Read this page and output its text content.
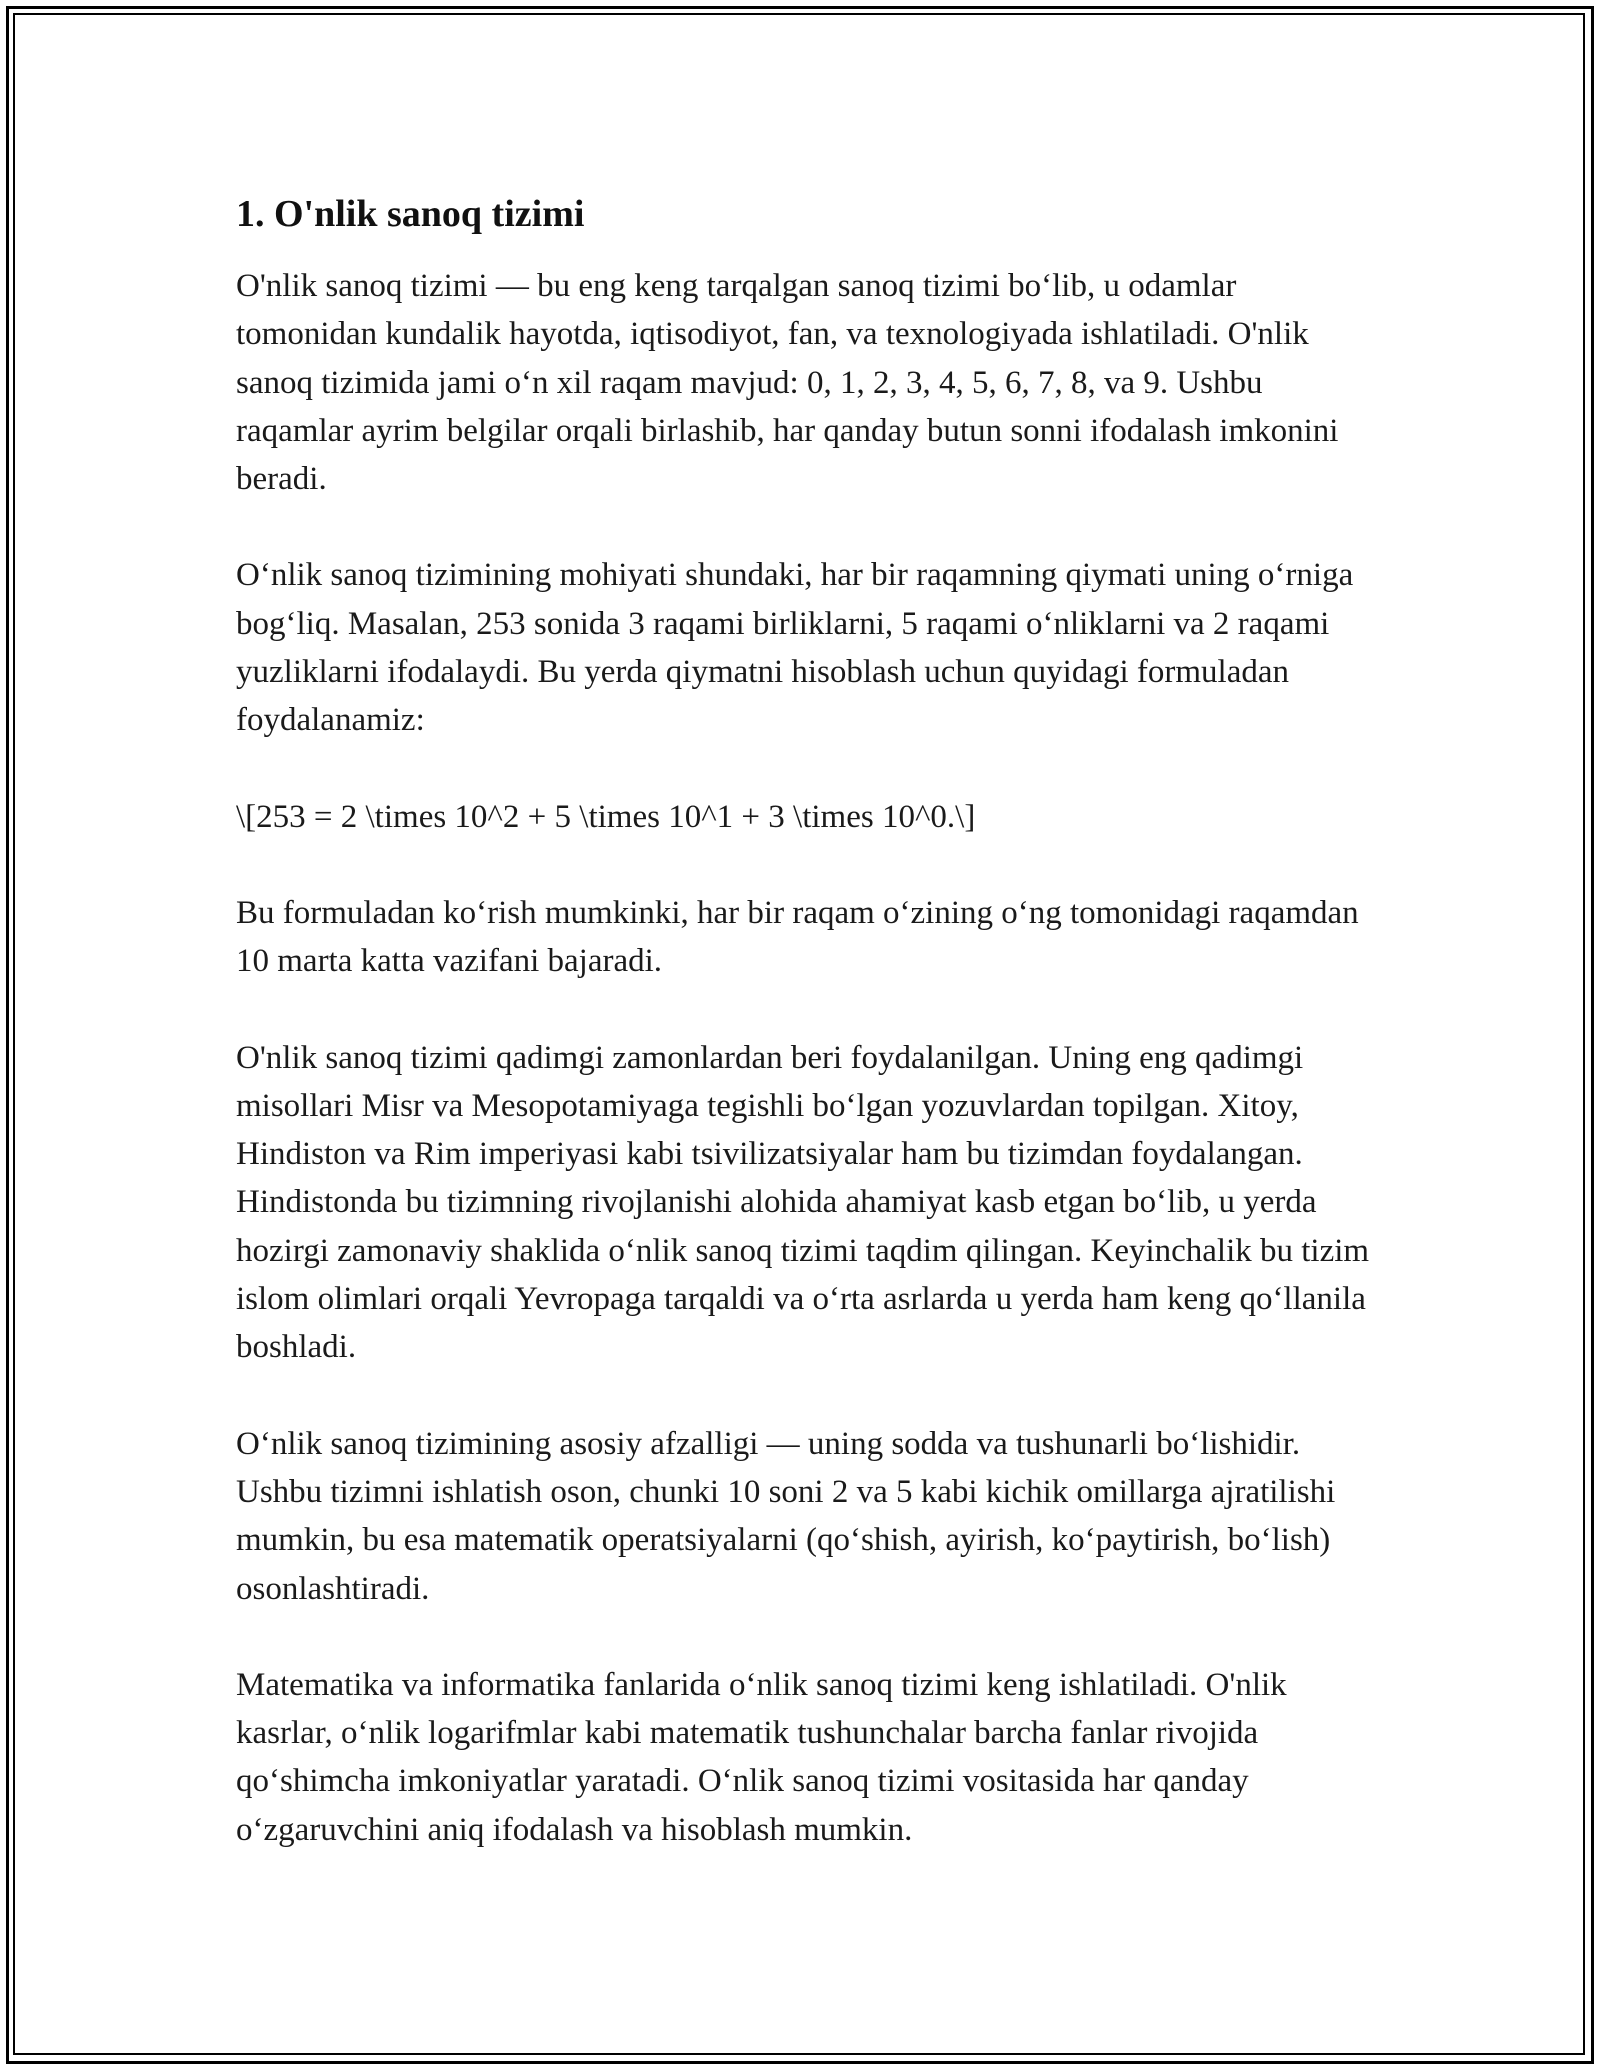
1. O'nlik sanoq tizimi

O'nlik sanoq tizimi — bu eng keng tarqalgan sanoq tizimi bo‘lib, u odamlar tomonidan kundalik hayotda, iqtisodiyot, fan, va texnologiyada ishlatiladi. O'nlik sanoq tizimida jami o‘n xil raqam mavjud: 0, 1, 2, 3, 4, 5, 6, 7, 8, va 9. Ushbu raqamlar ayrim belgilar orqali birlashib, har qanday butun sonni ifodalash imkonini beradi.

O‘nlik sanoq tizimining mohiyati shundaki, har bir raqamning qiymati uning o‘rniga bog‘liq. Masalan, 253 sonida 3 raqami birliklarni, 5 raqami o‘nliklarni va 2 raqami yuzliklarni ifodalaydi. Bu yerda qiymatni hisoblash uchun quyidagi formuladan foydalanamiz:

\[253 = 2 \times 10^2 + 5 \times 10^1 + 3 \times 10^0.\]

Bu formuladan ko‘rish mumkinki, har bir raqam o‘zining o‘ng tomonidagi raqamdan 10 marta katta vazifani bajaradi.

O'nlik sanoq tizimi qadimgi zamonlardan beri foydalanilgan. Uning eng qadimgi misollari Misr va Mesopotamiyaga tegishli bo‘lgan yozuvlardan topilgan. Xitoy, Hindiston va Rim imperiyasi kabi tsivilizatsiyalar ham bu tizimdan foydalangan. Hindistonda bu tizimning rivojlanishi alohida ahamiyat kasb etgan bo‘lib, u yerda hozirgi zamonaviy shaklida o‘nlik sanoq tizimi taqdim qilingan. Keyinchalik bu tizim islom olimlari orqali Yevropaga tarqaldi va o‘rta asrlarda u yerda ham keng qo‘llanila boshladi.

O‘nlik sanoq tizimining asosiy afzalligi — uning sodda va tushunarli bo‘lishidir. Ushbu tizimni ishlatish oson, chunki 10 soni 2 va 5 kabi kichik omillarga ajratilishi mumkin, bu esa matematik operatsiyalarni (qo‘shish, ayirish, ko‘paytirish, bo‘lish) osonlashtiradi.

Matematika va informatika fanlarida o‘nlik sanoq tizimi keng ishlatiladi. O'nlik kasrlar, o‘nlik logarifmlar kabi matematik tushunchalar barcha fanlar rivojida qo‘shimcha imkoniyatlar yaratadi. O‘nlik sanoq tizimi vositasida har qanday o‘zgaruvchini aniq ifodalash va hisoblash mumkin.
